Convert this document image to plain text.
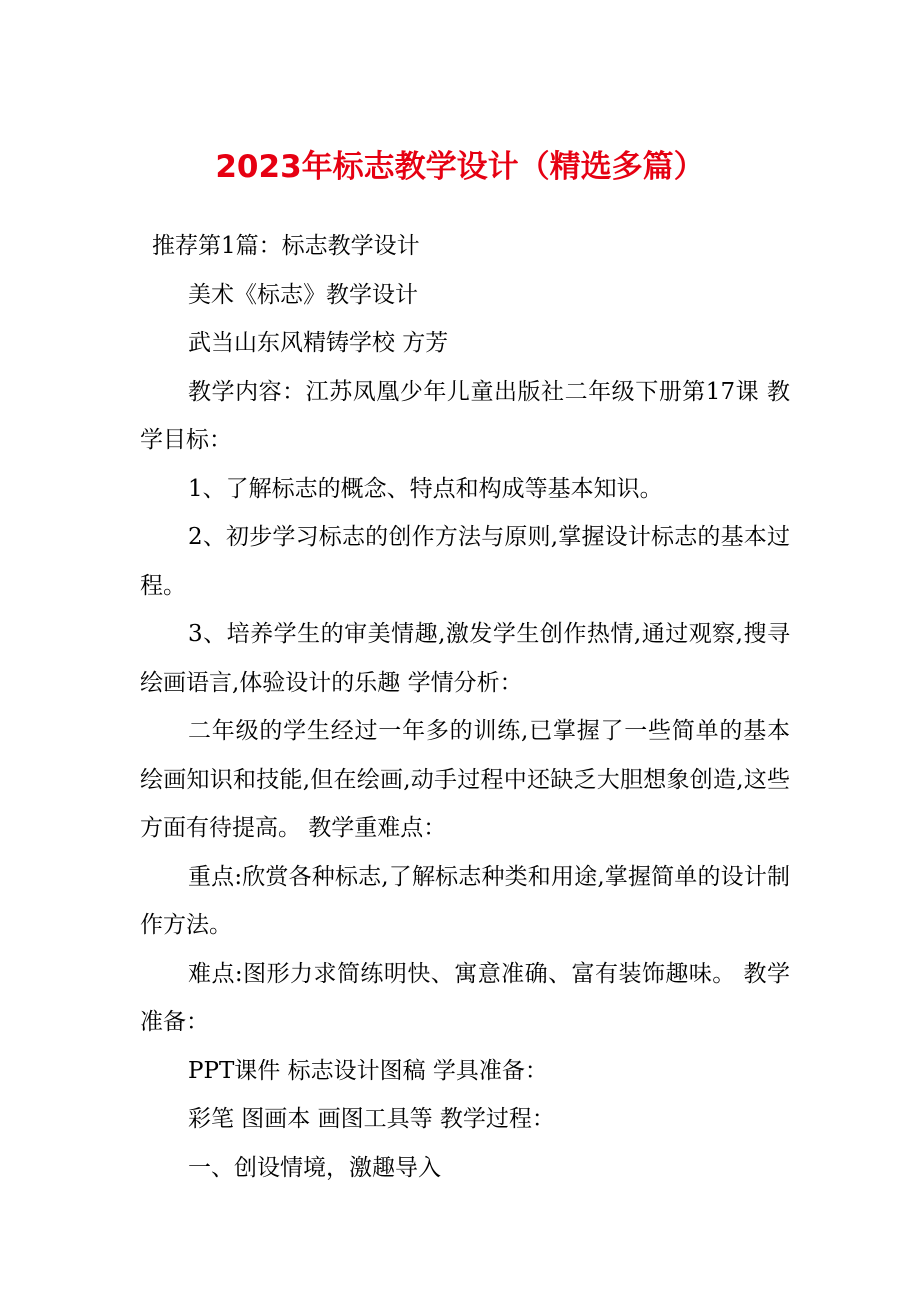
2023年标志教学设计（精选多篇）

推荐第1篇：标志教学设计

美术《标志》教学设计

武当山东风精铸学校 方芳

教学内容：江苏凤凰少年儿童出版社二年级下册第17课 教学目标：

1、了解标志的概念、特点和构成等基本知识。

2、初步学习标志的创作方法与原则,掌握设计标志的基本过程。

3、培养学生的审美情趣,激发学生创作热情,通过观察,搜寻绘画语言,体验设计的乐趣 学情分析：

二年级的学生经过一年多的训练,已掌握了一些简单的基本绘画知识和技能,但在绘画,动手过程中还缺乏大胆想象创造,这些方面有待提高。 教学重难点：

重点:欣赏各种标志,了解标志种类和用途,掌握简单的设计制作方法。

难点:图形力求简练明快、寓意准确、富有装饰趣味。 教学准备：

PPT课件 标志设计图稿 学具准备：

彩笔 图画本 画图工具等 教学过程：

一、创设情境，激趣导入
